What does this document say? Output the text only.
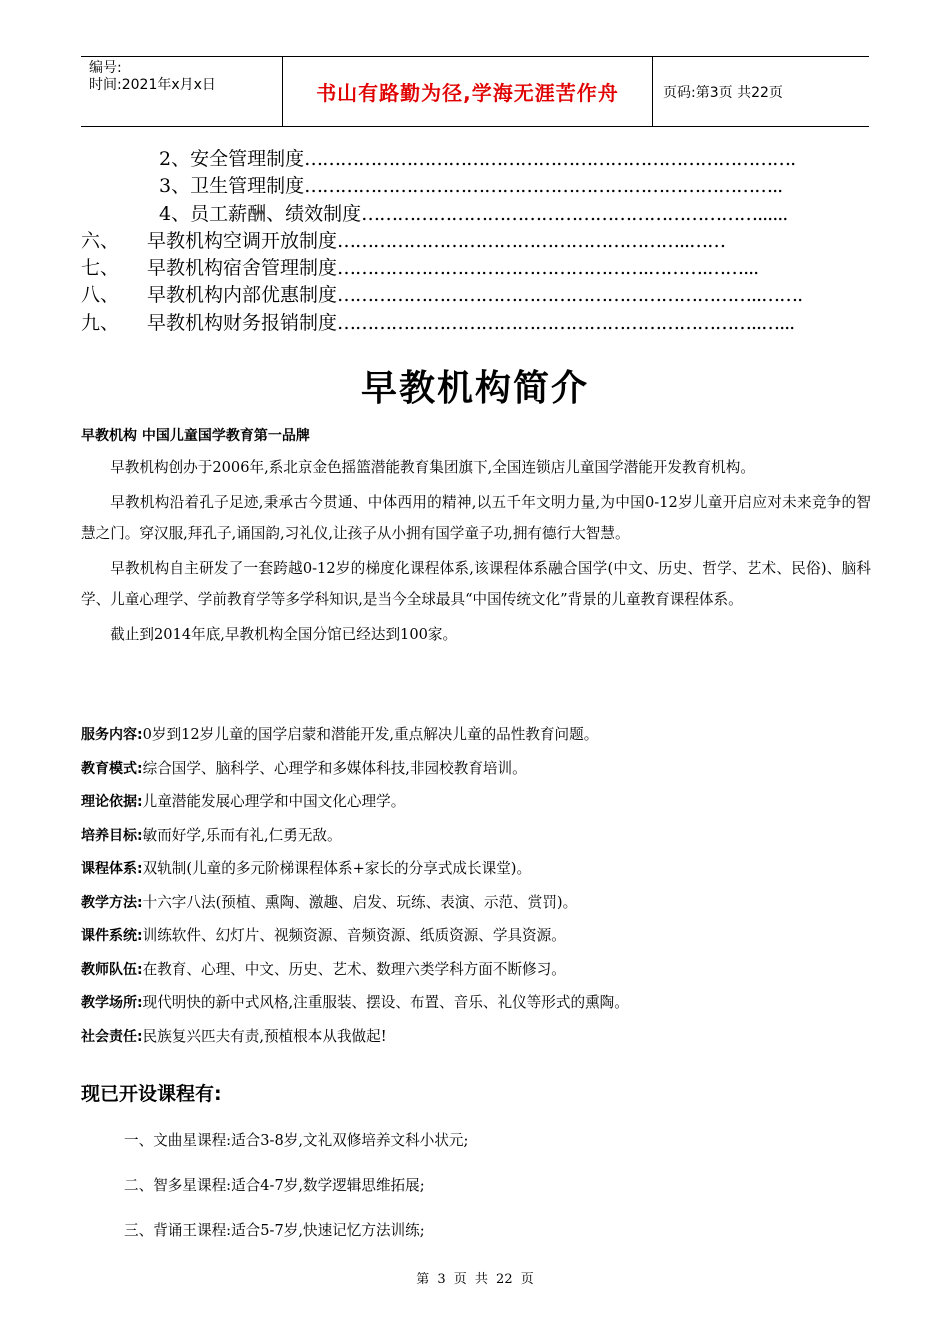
编号:
时间:2021年x月x日	书山有路勤为径,学海无涯苦作舟	页码:第3页 共22页
2、安全管理制度……………………………………………………………………….
3、卫生管理制度……………………………………………………………………..
4、员工薪酬、绩效制度…………………………………………………………......
六、 早教机构空调开放制度…………………………………………………..……
七、 早教机构宿舍管理制度…………………………………………….……….……...
八、 早教机构内部优惠制度……………………………………………………………..…….
九、 早教机构财务报销制度……………………………………………………………..…...
早教机构简介
早教机构 中国儿童国学教育第一品牌

早教机构创办于2006年,系北京金色摇篮潜能教育集团旗下,全国连锁店儿童国学潜能开发教育机构。

早教机构沿着孔子足迹,秉承古今贯通、中体西用的精神,以五千年文明力量,为中国0-12岁儿童开启应对未来竞争的智慧之门。穿汉服,拜孔子,诵国韵,习礼仪,让孩子从小拥有国学童子功,拥有德行大智慧。

早教机构自主研发了一套跨越0-12岁的梯度化课程体系,该课程体系融合国学(中文、历史、哲学、艺术、民俗)、脑科学、儿童心理学、学前教育学等多学科知识,是当今全球最具“中国传统文化”背景的儿童教育课程体系。

截止到2014年底,早教机构全国分馆已经达到100家。

服务内容:0岁到12岁儿童的国学启蒙和潜能开发,重点解决儿童的品性教育问题。
教育模式:综合国学、脑科学、心理学和多媒体科技,非园校教育培训。
理论依据:儿童潜能发展心理学和中国文化心理学。
培养目标:敏而好学,乐而有礼,仁勇无敌。
课程体系:双轨制(儿童的多元阶梯课程体系+家长的分享式成长课堂)。
教学方法:十六字八法(预植、熏陶、激趣、启发、玩练、表演、示范、赏罚)。
课件系统:训练软件、幻灯片、视频资源、音频资源、纸质资源、学具资源。
教师队伍:在教育、心理、中文、历史、艺术、数理六类学科方面不断修习。
教学场所:现代明快的新中式风格,注重服装、摆设、布置、音乐、礼仪等形式的熏陶。
社会责任:民族复兴匹夫有责,预植根本从我做起!
现已开设课程有:
一、文曲星课程:适合3-8岁,文礼双修培养文科小状元;
二、智多星课程:适合4-7岁,数学逻辑思维拓展;
三、背诵王课程:适合5-7岁,快速记忆方法训练;
第 3 页 共 22 页
